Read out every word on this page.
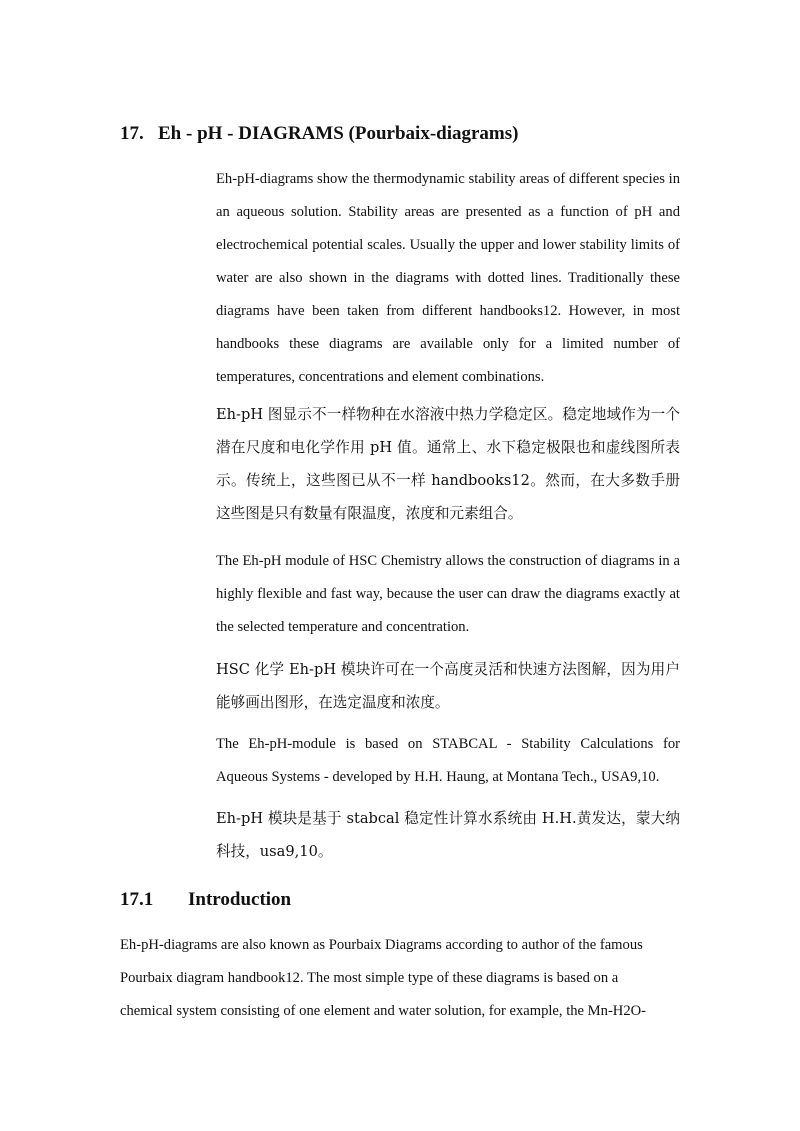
17. Eh - pH - DIAGRAMS (Pourbaix-diagrams)

Eh-pH-diagrams show the thermodynamic stability areas of different species in an aqueous solution. Stability areas are presented as a function of pH and electrochemical potential scales. Usually the upper and lower stability limits of water are also shown in the diagrams with dotted lines. Traditionally these diagrams have been taken from different handbooks12. However, in most handbooks these diagrams are available only for a limited number of temperatures, concentrations and element combinations.

Eh-pH 图显示不一样物种在水溶液中热力学稳定区。稳定地域作为一个潜在尺度和电化学作用 pH 值。通常上、水下稳定极限也和虚线图所表示。传统上，这些图已从不一样 handbooks12。然而，在大多数手册这些图是只有数量有限温度，浓度和元素组合。

The Eh-pH module of HSC Chemistry allows the construction of diagrams in a highly flexible and fast way, because the user can draw the diagrams exactly at the selected temperature and concentration.

HSC 化学 Eh-pH 模块许可在一个高度灵活和快速方法图解，因为用户能够画出图形，在选定温度和浓度。

The Eh-pH-module is based on STABCAL - Stability Calculations for Aqueous Systems - developed by H.H. Haung, at Montana Tech., USA9,10.

Eh-pH 模块是基于 stabcal 稳定性计算水系统由 H.H.黄发达，蒙大纳科技，usa9,10。

17.1 Introduction
Eh-pH-diagrams are also known as Pourbaix Diagrams according to author of the famous
Pourbaix diagram handbook12. The most simple type of these diagrams is based on a
chemical system consisting of one element and water solution, for example, the Mn-H2O-
